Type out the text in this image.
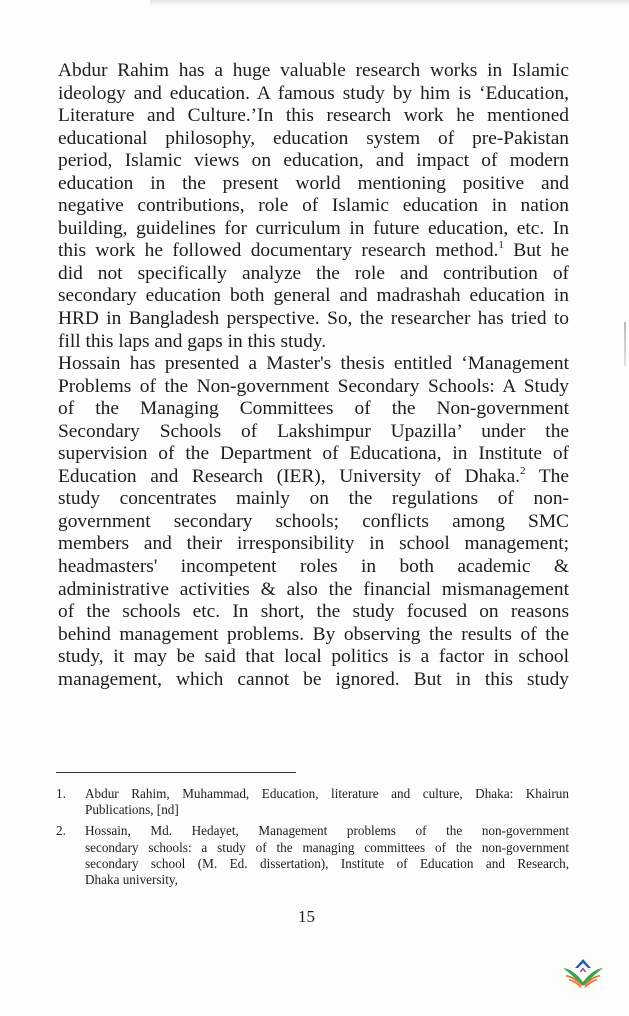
Abdur Rahim has a huge valuable research works in Islamic
ideology and education. A famous study by him is ‘Education,
Literature and Culture.’In this research work he mentioned
educational philosophy, education system of pre-Pakistan
period, Islamic views on education, and impact of modern
education in the present world mentioning positive and
negative contributions, role of Islamic education in nation
building, guidelines for curriculum in future education, etc. In
this work he followed documentary research method.$^1$ But he
did not specifically analyze the role and contribution of
secondary education both general and madrashah education in
HRD in Bangladesh perspective. So, the researcher has tried to
fill this laps and gaps in this study.
Hossain has presented a Master's thesis entitled ‘Management
Problems of the Non-government Secondary Schools: A Study
of the Managing Committees of the Non-government
Secondary Schools of Lakshimpur Upazilla’ under the
supervision of the Department of Educationa, in Institute of
Education and Research (IER), University of Dhaka.$^2$ The
study concentrates mainly on the regulations of non-
government secondary schools; conflicts among SMC
members and their irresponsibility in school management;
headmasters' incompetent roles in both academic &
administrative activities & also the financial mismanagement
of the schools etc. In short, the study focused on reasons
behind management problems. By observing the results of the
study, it may be said that local politics is a factor in school
management, which cannot be ignored. But in this study
1.	Abdur Rahim, Muhammad, Education, literature and culture, Dhaka: Khairun
Publications, [nd]
2.	Hossain, Md. Hedayet, Management problems of the non-government
secondary schools: a study of the managing committees of the non-government
secondary school (M. Ed. dissertation), Institute of Education and Research,
Dhaka university,
15
